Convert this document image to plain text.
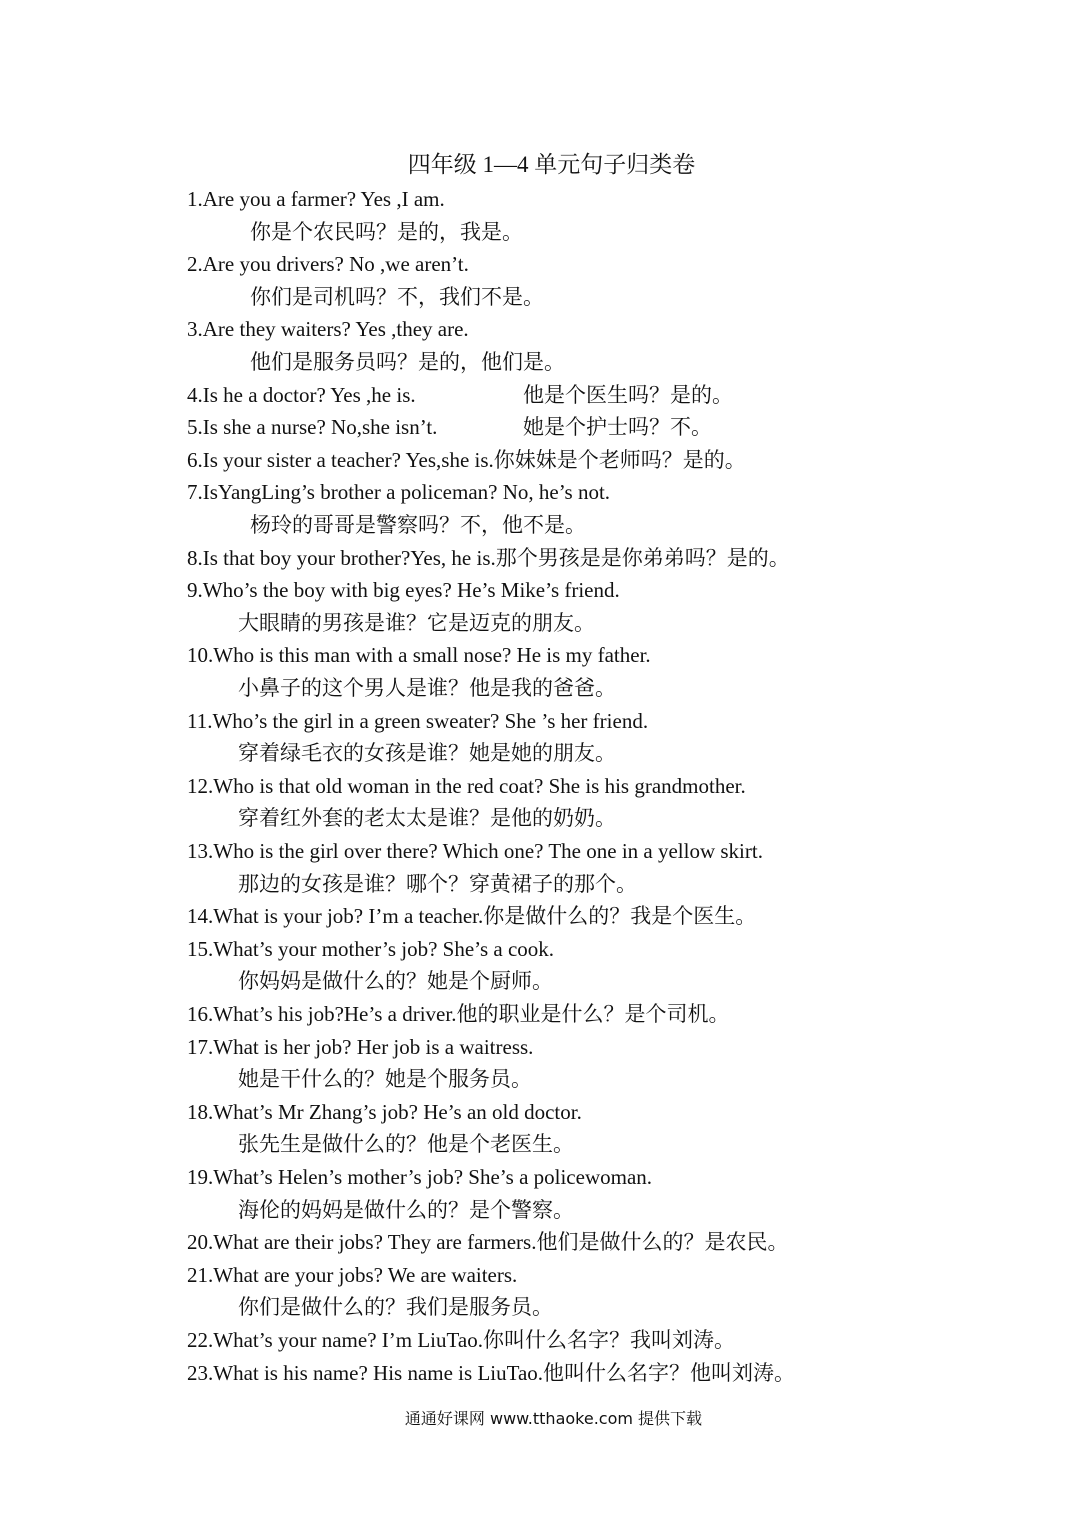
四年级 1—4 单元句子归类卷
1.Are you a farmer? Yes ,I am.
你是个农民吗？是的，我是。
2.Are you drivers? No ,we aren’t.
你们是司机吗？不，我们不是。
3.Are they waiters? Yes ,they are.
他们是服务员吗？是的，他们是。
4.Is he a doctor? Yes ,he is.	他是个医生吗？是的。
5.Is she a nurse? No,she isn’t.	她是个护士吗？不。
6.Is your sister a teacher? Yes,she is.你妹妹是个老师吗？是的。
7.IsYangLing’s brother a policeman? No, he’s not.
杨玲的哥哥是警察吗？不，他不是。
8.Is that boy your brother?Yes, he is.那个男孩是是你弟弟吗？是的。
9.Who’s the boy with big eyes? He’s Mike’s friend.
大眼睛的男孩是谁？它是迈克的朋友。
10.Who is this man with a small nose? He is my father.
小鼻子的这个男人是谁？他是我的爸爸。
11.Who’s the girl in a green sweater? She ’s her friend.
穿着绿毛衣的女孩是谁？她是她的朋友。
12.Who is that old woman in the red coat? She is his grandmother.
穿着红外套的老太太是谁？是他的奶奶。
13.Who is the girl over there? Which one? The one in a yellow skirt.
那边的女孩是谁？哪个？穿黄裙子的那个。
14.What is your job? I’m a teacher.你是做什么的？我是个医生。
15.What’s your mother’s job? She’s a cook.
你妈妈是做什么的？她是个厨师。
16.What’s his job?He’s a driver.他的职业是什么？是个司机。
17.What is her job? Her job is a waitress.
她是干什么的？她是个服务员。
18.What’s Mr Zhang’s job? He’s an old doctor.
张先生是做什么的？他是个老医生。
19.What’s Helen’s mother’s job? She’s a policewoman.
海伦的妈妈是做什么的？是个警察。
20.What are their jobs? They are farmers.他们是做什么的？是农民。
21.What are your jobs? We are waiters.
你们是做什么的？我们是服务员。
22.What’s your name? I’m LiuTao.你叫什么名字？我叫刘涛。
23.What is his name? His name is LiuTao.他叫什么名字？他叫刘涛。
通通好课网 www.tthaoke.com 提供下载
